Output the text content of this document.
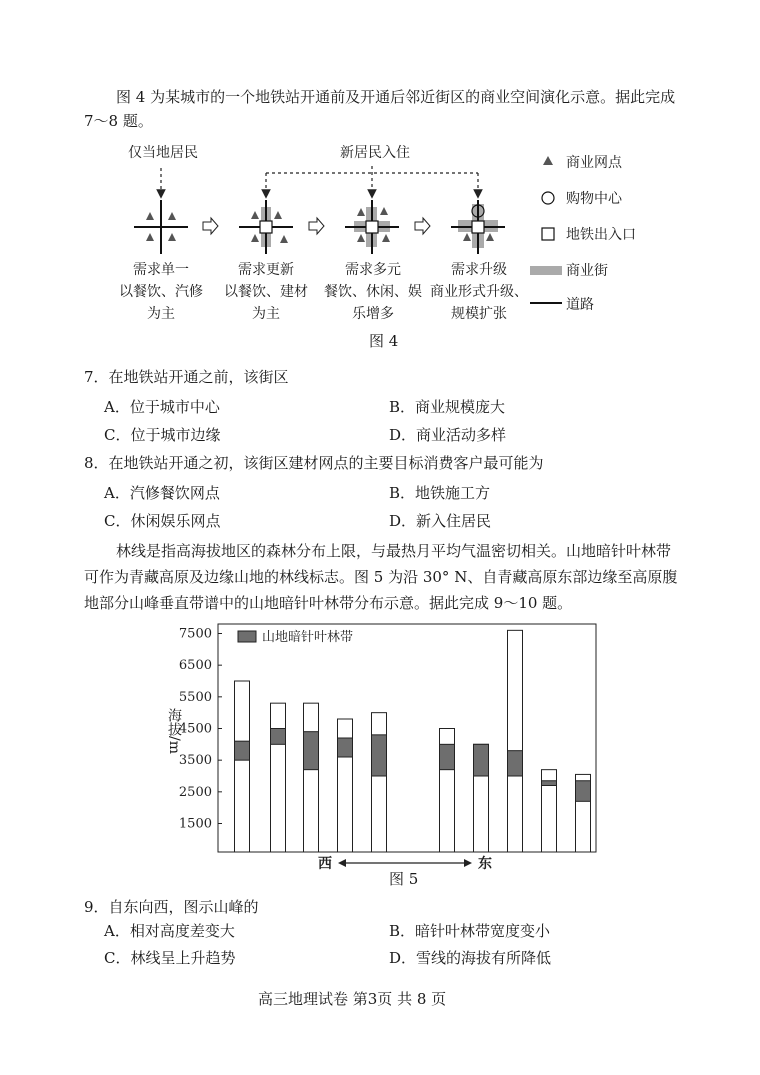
图 4 为某城市的一个地铁站开通前及开通后邻近街区的商业空间演化示意。据此完成
7～8 题。
仅当地居民	新居民入住
需求单一
以餐饮、汽修
为主
需求更新
以餐饮、建材
为主
需求多元
餐饮、休闲、娱
乐增多
需求升级
商业形式升级、
规模扩张
商业网点
购物中心
地铁出入口
商业街
道路
图 4
7．在地铁站开通之前，该街区
A．位于城市中心	B．商业规模庞大
C．位于城市边缘	D．商业活动多样
8．在地铁站开通之初，该街区建材网点的主要目标消费客户最可能为
A．汽修餐饮网点	B．地铁施工方
C．休闲娱乐网点	D．新入住居民
林线是指高海拔地区的森林分布上限，与最热月平均气温密切相关。山地暗针叶林带
可作为青藏高原及边缘山地的林线标志。图 5 为沿 30° N、自青藏高原东部边缘至高原腹
地部分山峰垂直带谱中的山地暗针叶林带分布示意。据此完成 9～10 题。
1500
2500
3500
4500
5500
6500
7500	山地暗针叶林带
西	东
海拔/m
图 5
9．自东向西，图示山峰的
A．相对高度差变大	B．暗针叶林带宽度变小
C．林线呈上升趋势	D．雪线的海拔有所降低
高三地理试卷 第3页 共 8 页
